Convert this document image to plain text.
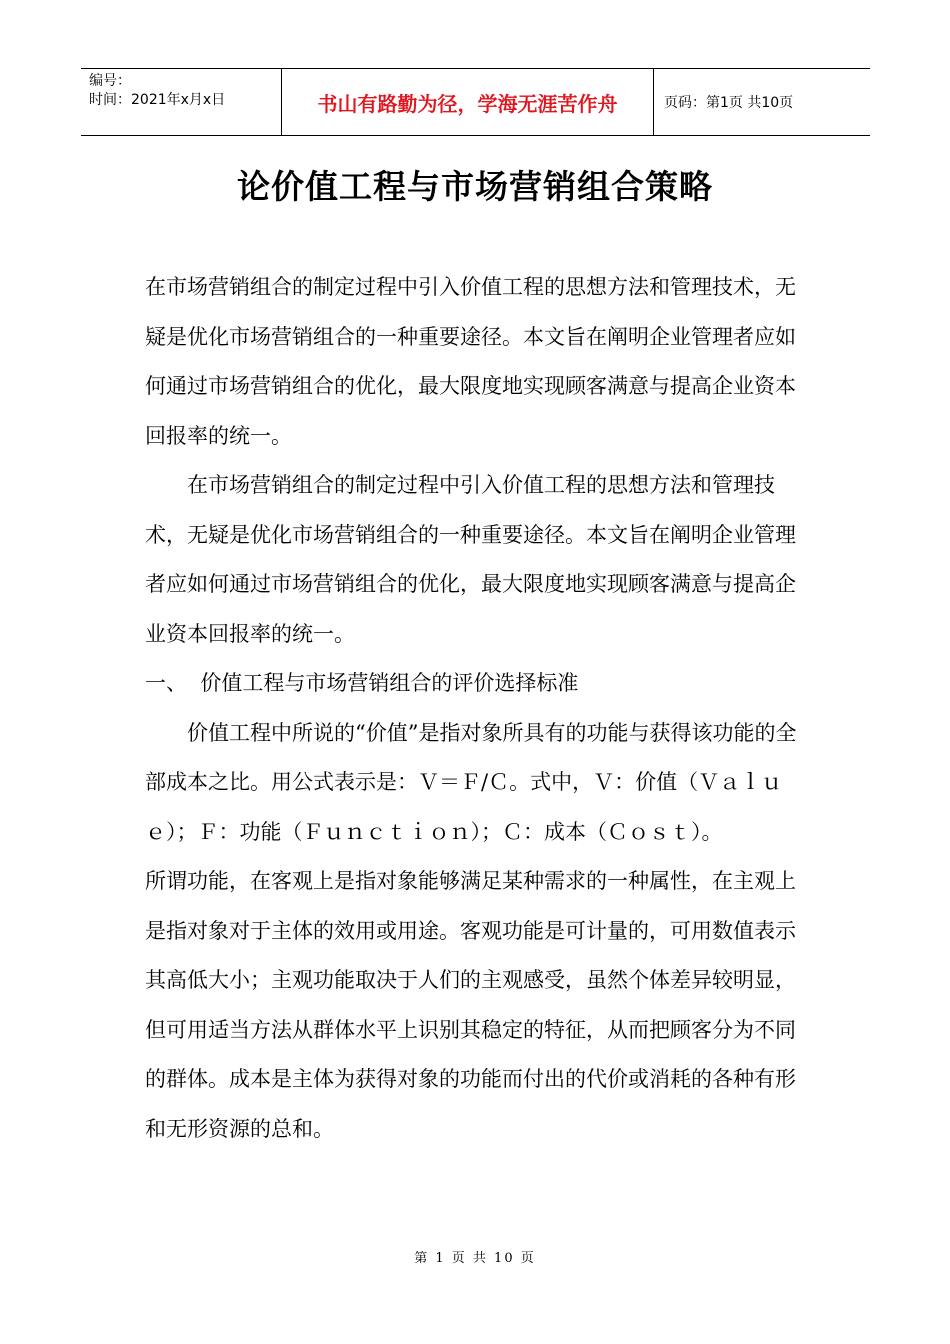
编号：
时间：2021年x月x日	书山有路勤为径，学海无涯苦作舟	页码：第1页 共10页
论价值工程与市场营销组合策略

在市场营销组合的制定过程中引入价值工程的思想方法和管理技术，无疑是优化市场营销组合的一种重要途径。本文旨在阐明企业管理者应如何通过市场营销组合的优化，最大限度地实现顾客满意与提高企业资本回报率的统一。

在市场营销组合的制定过程中引入价值工程的思想方法和管理技术，无疑是优化市场营销组合的一种重要途径。本文旨在阐明企业管理者应如何通过市场营销组合的优化，最大限度地实现顾客满意与提高企业资本回报率的统一。

一、  价值工程与市场营销组合的评价选择标准

价值工程中所说的“价值”是指对象所具有的功能与获得该功能的全部成本之比。用公式表示是：Ｖ＝Ｆ/Ｃ。式中，Ｖ：价值（Ｖａｌｕｅ）；Ｆ：功能（Ｆｕｎｃｔｉｏｎ）；Ｃ：成本（Ｃｏｓｔ）。

所谓功能，在客观上是指对象能够满足某种需求的一种属性，在主观上是指对象对于主体的效用或用途。客观功能是可计量的，可用数值表示其高低大小；主观功能取决于人们的主观感受，虽然个体差异较明显，但可用适当方法从群体水平上识别其稳定的特征，从而把顾客分为不同的群体。成本是主体为获得对象的功能而付出的代价或消耗的各种有形和无形资源的总和。

第 1 页 共 10 页
